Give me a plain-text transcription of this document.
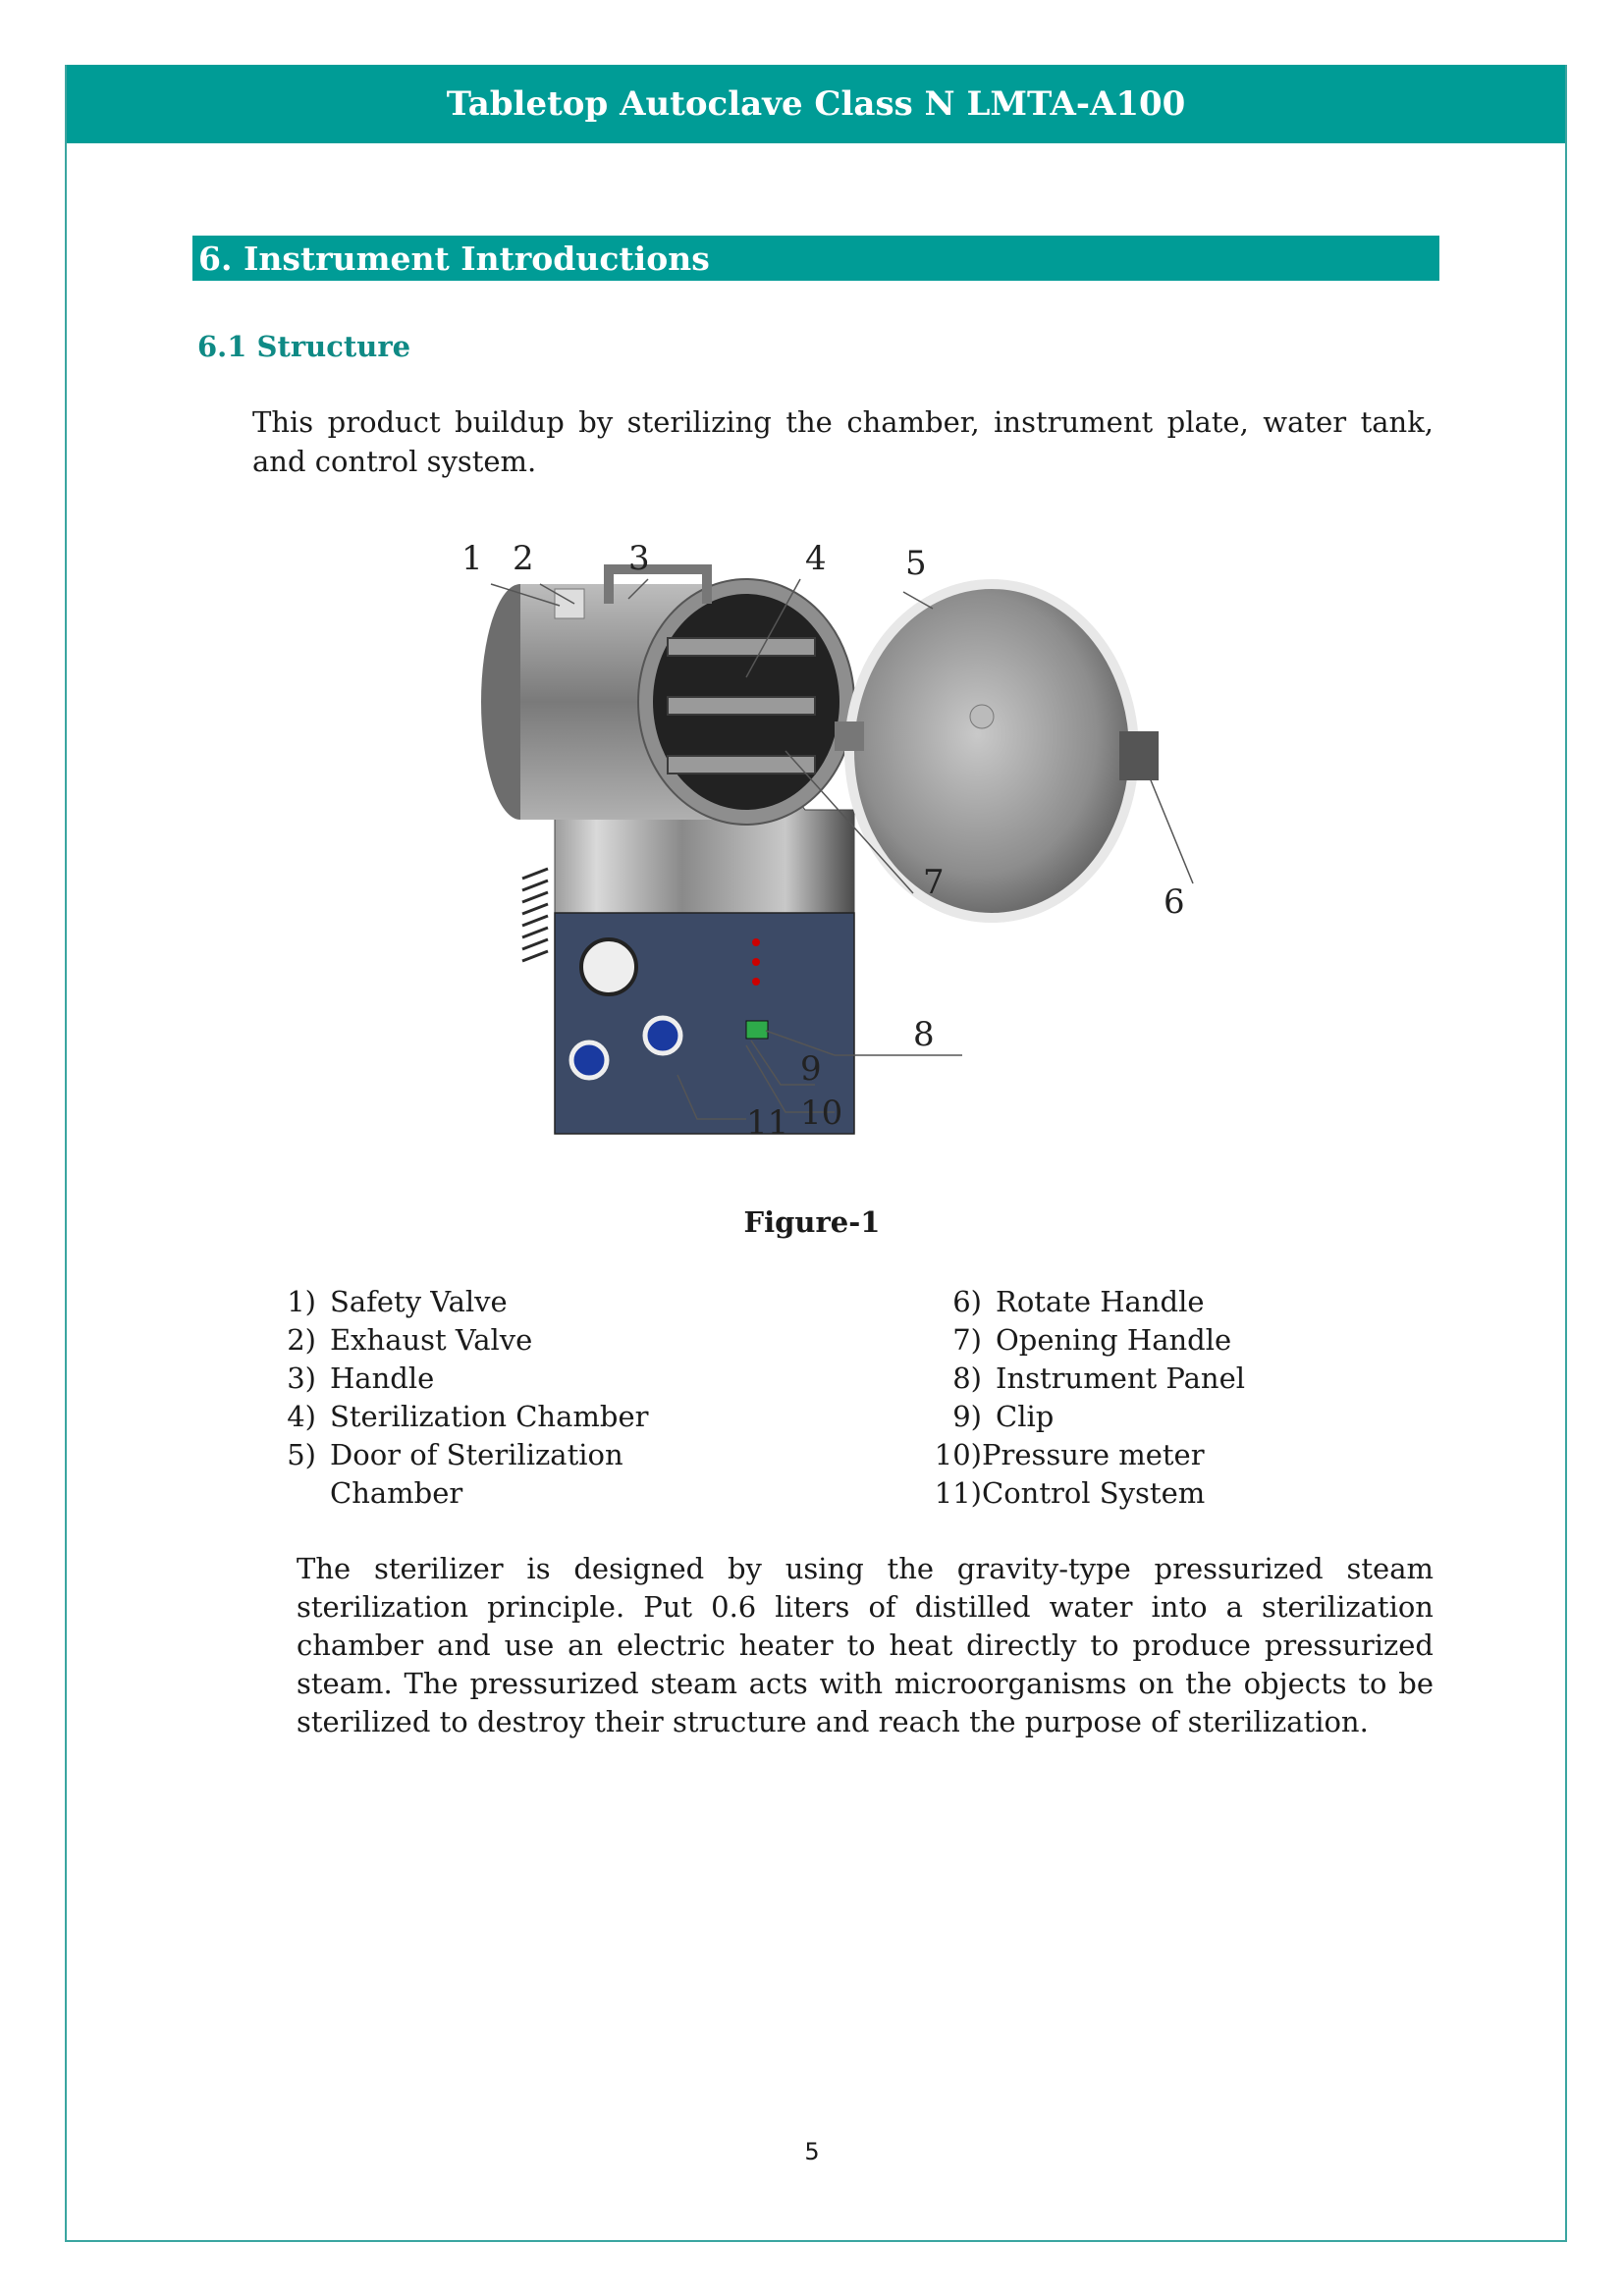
Tabletop Autoclave Class N LMTA-A100
6. Instrument Introductions
6.1 Structure
This product buildup by sterilizing the chamber, instrument plate, water tank, and control system.
1 2	3	4 5
6
7
8
9
10
11
Figure-1
1) Safety Valve
2) Exhaust Valve
3) Handle
4) Sterilization Chamber
5) Door of Sterilization Chamber
6) Rotate Handle
7) Opening Handle
8) Instrument Panel
9) Clip
10) Pressure meter
11) Control System
The sterilizer is designed by using the gravity-type pressurized steam sterilization principle. Put 0.6 liters of distilled water into a sterilization chamber and use an electric heater to heat directly to produce pressurized steam. The pressurized steam acts with microorganisms on the objects to be sterilized to destroy their structure and reach the purpose of sterilization.
5
